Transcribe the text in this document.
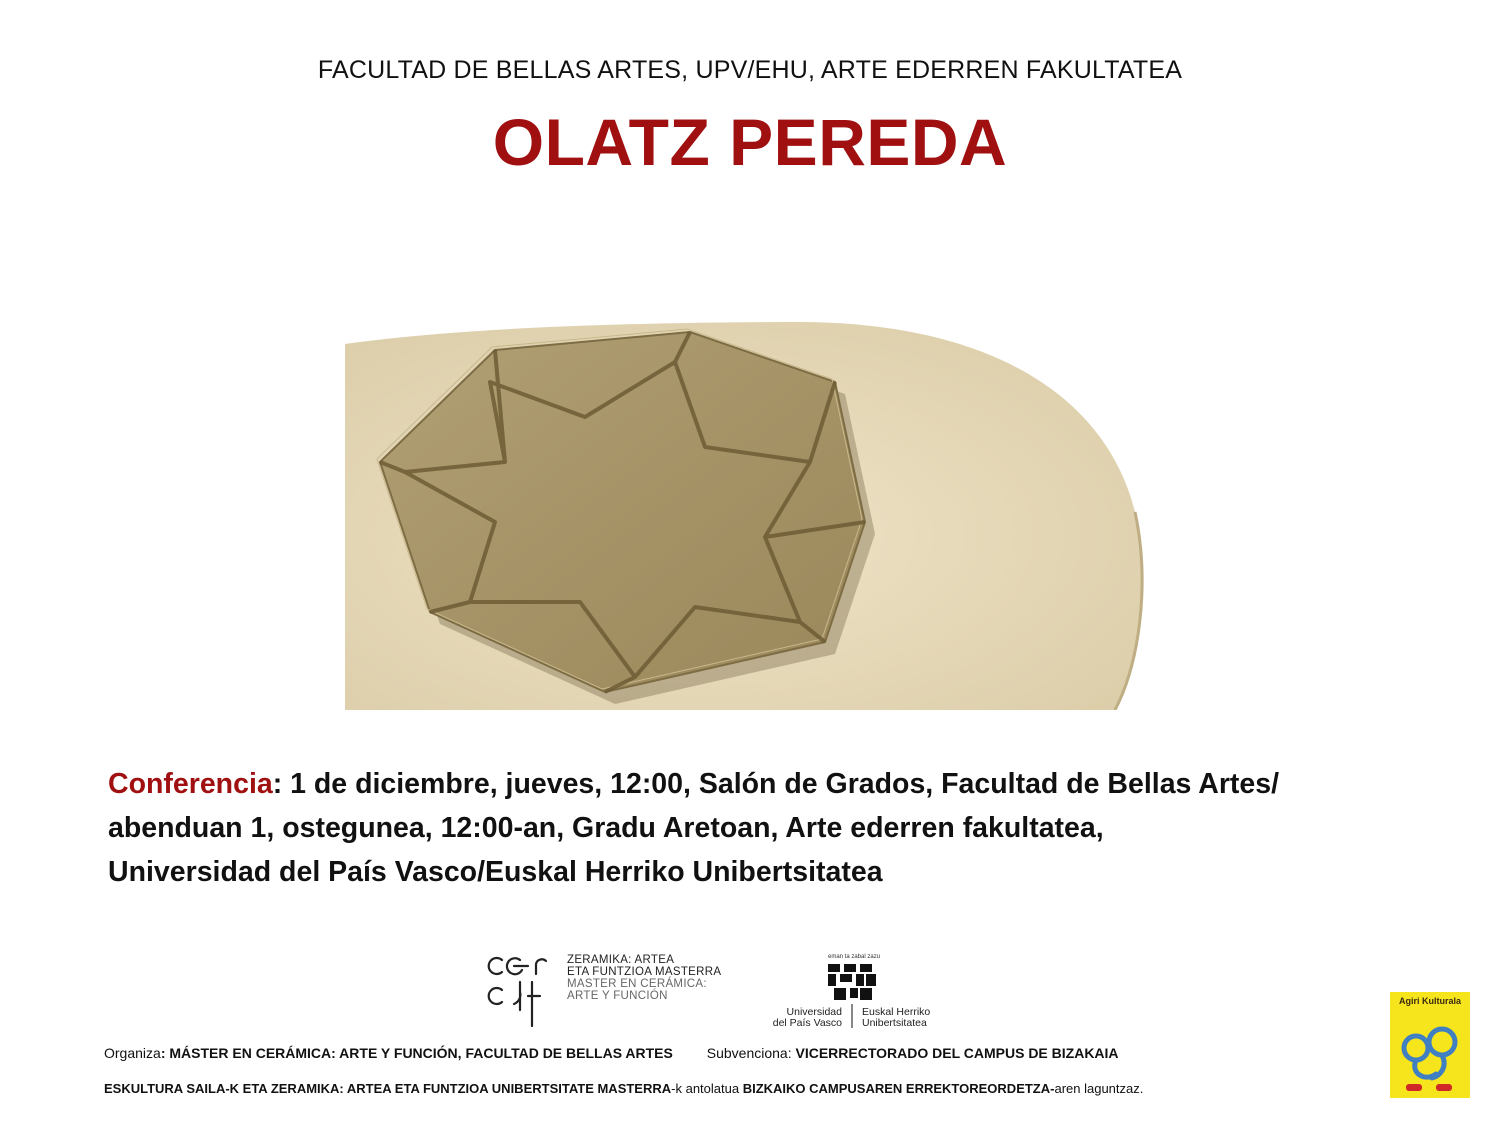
FACULTAD DE BELLAS ARTES, UPV/EHU, ARTE EDERREN FAKULTATEA
OLATZ PEREDA
Conferencia: 1 de diciembre, jueves, 12:00, Salón de Grados, Facultad de Bellas Artes/
abenduan 1, ostegunea, 12:00-an, Gradu Aretoan, Arte ederren fakultatea,
Universidad del País Vasco/Euskal Herriko Unibertsitatea
ZERAMIKA: ARTEA
ETA FUNTZIOA MASTERRA
MASTER EN CERÁMICA:
ARTE Y FUNCIÓN
eman ta zabal zazu
Universidad
del País Vasco
Euskal Herriko
Unibertsitatea
Agiri Kulturala
Organiza: MÁSTER EN CERÁMICA: ARTE Y FUNCIÓN, FACULTAD DE BELLAS ARTES Subvenciona: VICERRECTORADO DEL CAMPUS DE BIZAKAIA
ESKULTURA SAILA-K ETA ZERAMIKA: ARTEA ETA FUNTZIOA UNIBERTSITATE MASTERRA-k antolatua BIZKAIKO CAMPUSAREN ERREKTOREORDETZA-aren laguntzaz.
